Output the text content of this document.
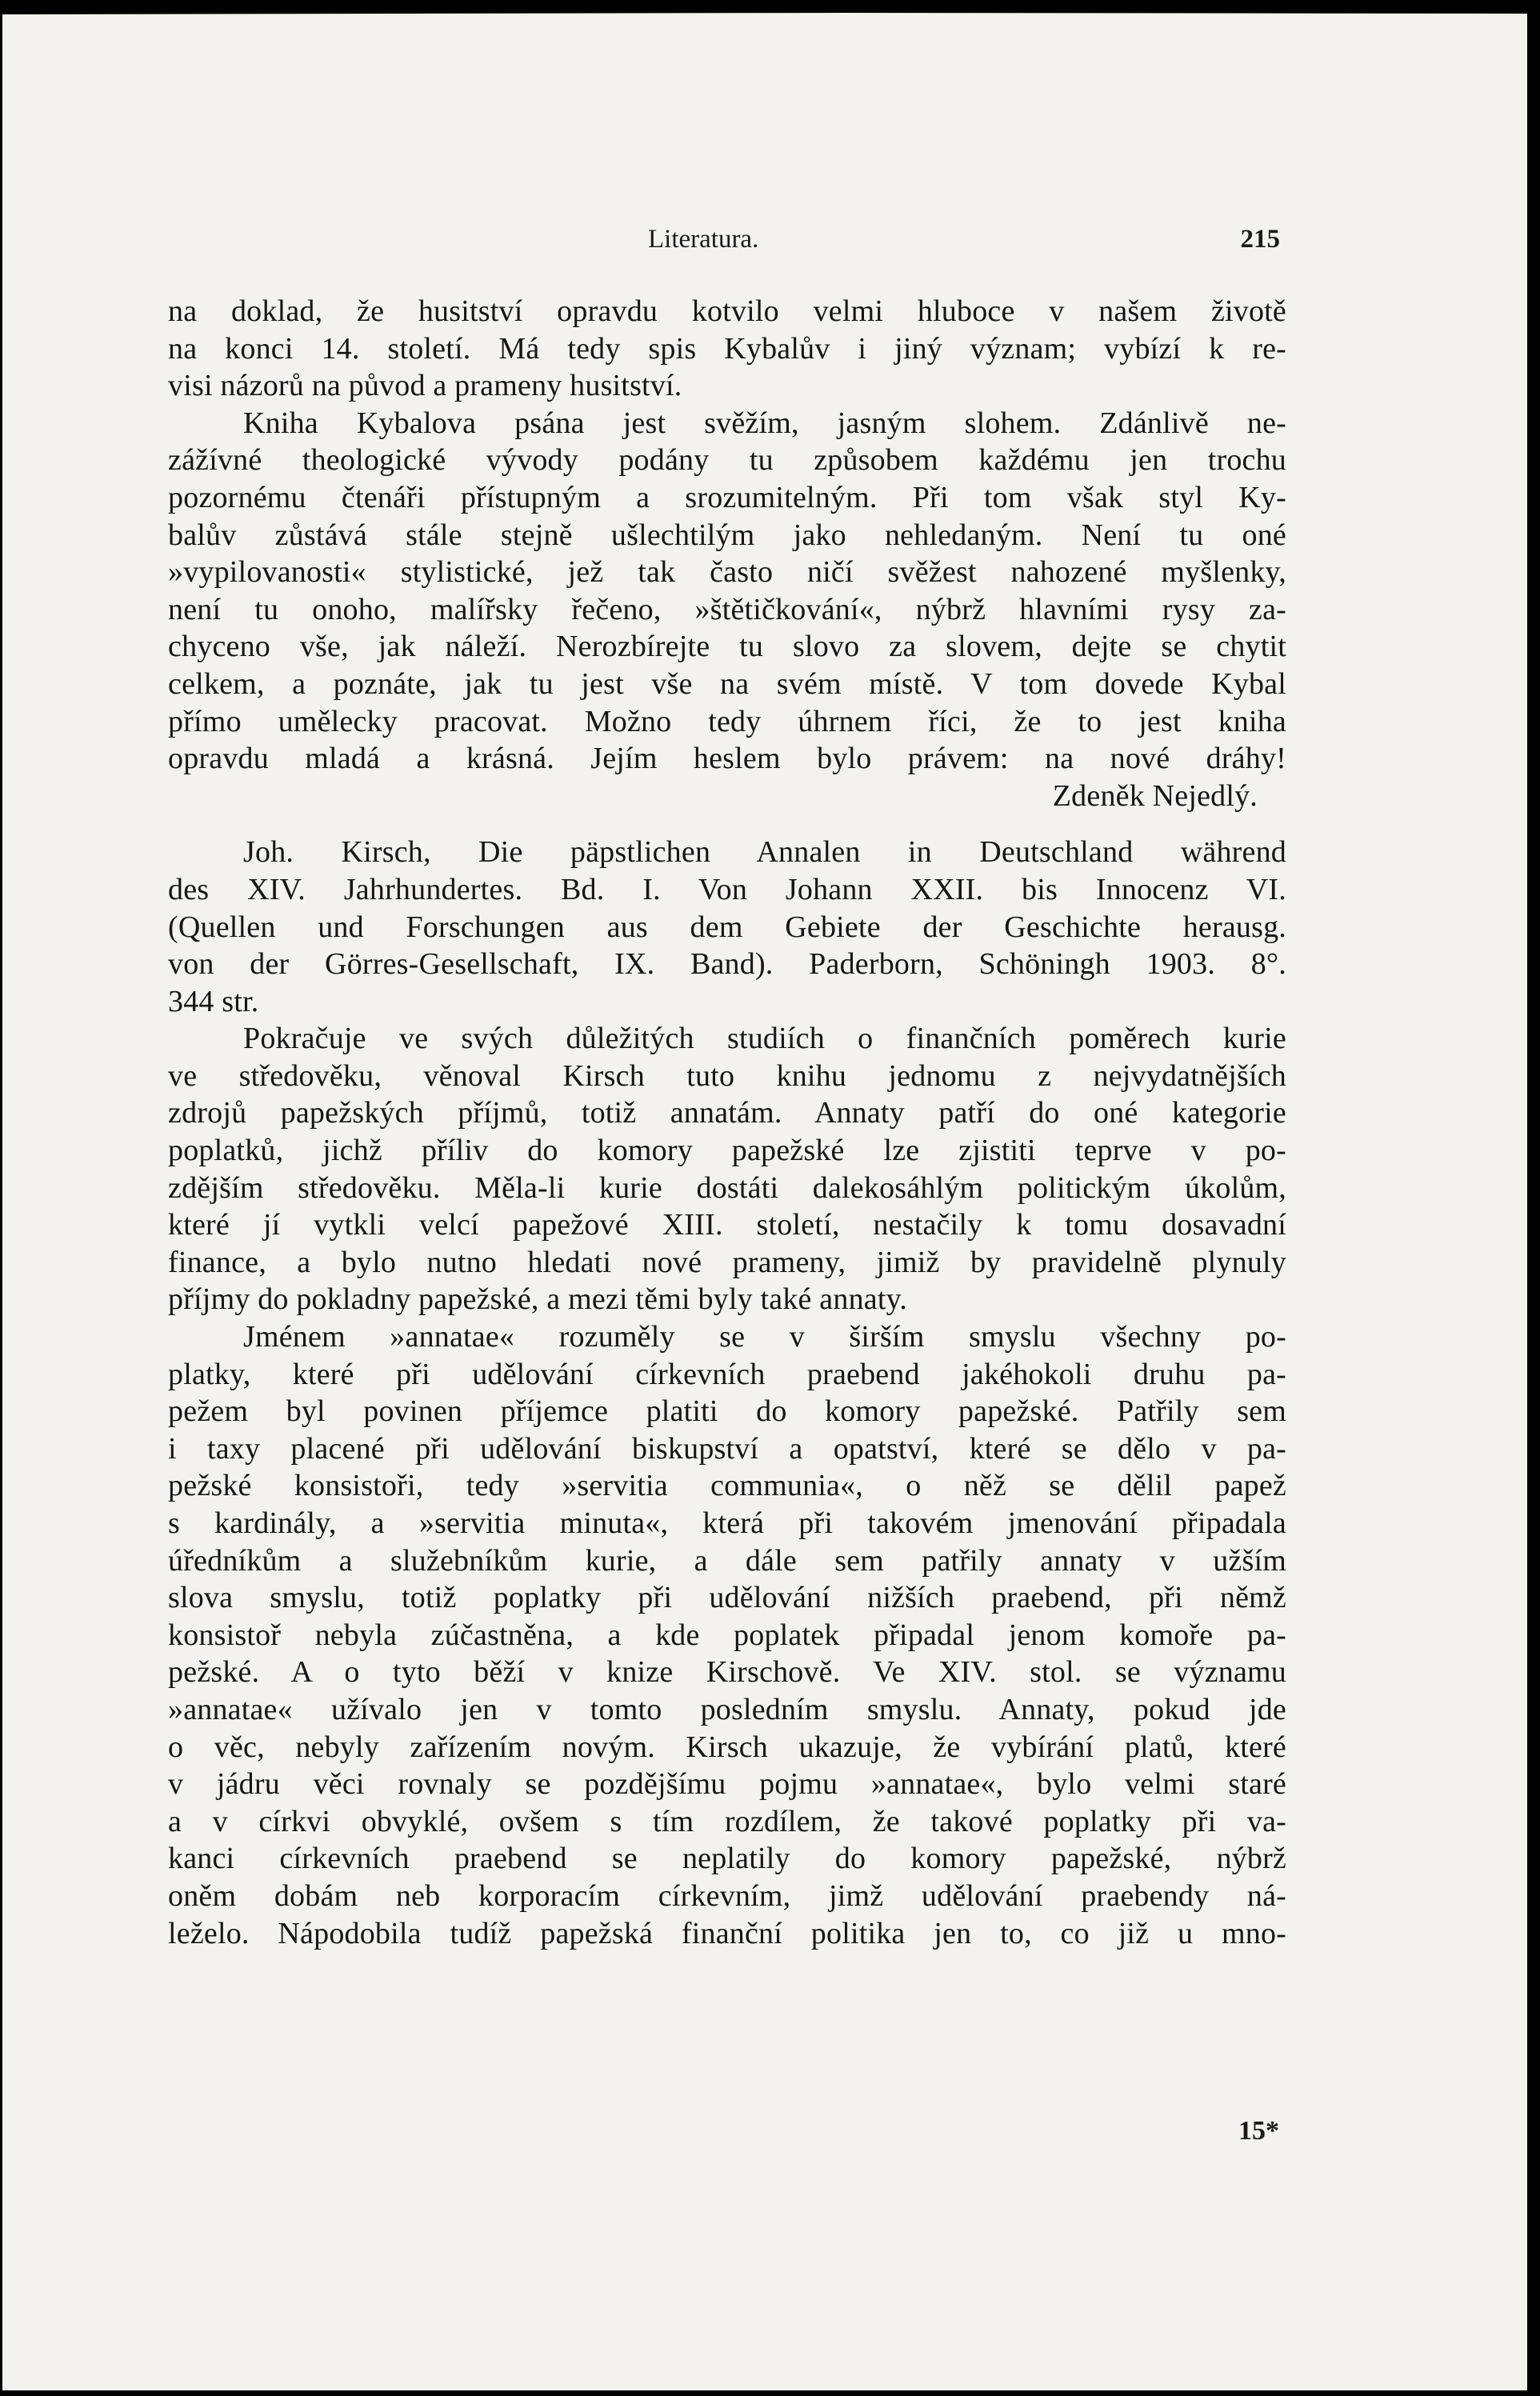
Literatura.	215
na doklad, že husitství opravdu kotvilo velmi hluboce v našem životě
na konci 14. století. Má tedy spis Kybalův i jiný význam; vybízí k re-
visi názorů na původ a prameny husitství.
Kniha Kybalova psána jest svěžím, jasným slohem. Zdánlivě ne-
zážívné theologické vývody podány tu způsobem každému jen trochu
pozornému čtenáři přístupným a srozumitelným. Při tom však styl Ky-
balův zůstává stále stejně ušlechtilým jako nehledaným. Není tu oné
»vypilovanosti« stylistické, jež tak často ničí svěžest nahozené myšlenky,
není tu onoho, malířsky řečeno, »štětičkování«, nýbrž hlavními rysy za-
chyceno vše, jak náleží. Nerozbírejte tu slovo za slovem, dejte se chytit
celkem, a poznáte, jak tu jest vše na svém místě. V tom dovede Kybal
přímo umělecky pracovat. Možno tedy úhrnem říci, že to jest kniha
opravdu mladá a krásná. Jejím heslem bylo právem: na nové dráhy!
Zdeněk Nejedlý.
Joh. Kirsch, Die päpstlichen Annalen in Deutschland während
des XIV. Jahrhundertes. Bd. I. Von Johann XXII. bis Innocenz VI.
(Quellen und Forschungen aus dem Gebiete der Geschichte herausg.
von der Görres-Gesellschaft, IX. Band). Paderborn, Schöningh 1903. 8°.
344 str.
Pokračuje ve svých důležitých studiích o finančních poměrech kurie
ve středověku, věnoval Kirsch tuto knihu jednomu z nejvydatnějších
zdrojů papežských příjmů, totiž annatám. Annaty patří do oné kategorie
poplatků, jichž příliv do komory papežské lze zjistiti teprve v po-
zdějším středověku. Měla-li kurie dostáti dalekosáhlým politickým úkolům,
které jí vytkli velcí papežové XIII. století, nestačily k tomu dosavadní
finance, a bylo nutno hledati nové prameny, jimiž by pravidelně plynuly
příjmy do pokladny papežské, a mezi těmi byly také annaty.
Jménem »annatae« rozuměly se v širším smyslu všechny po-
platky, které při udělování církevních praebend jakéhokoli druhu pa-
pežem byl povinen příjemce platiti do komory papežské. Patřily sem
i taxy placené při udělování biskupství a opatství, které se dělo v pa-
pežské konsistoři, tedy »servitia communia«, o něž se dělil papež
s kardinály, a »servitia minuta«, která při takovém jmenování připadala
úředníkům a služebníkům kurie, a dále sem patřily annaty v užším
slova smyslu, totiž poplatky při udělování nižších praebend, při němž
konsistoř nebyla zúčastněna, a kde poplatek připadal jenom komoře pa-
pežské. A o tyto běží v knize Kirschově. Ve XIV. stol. se významu
»annatae« užívalo jen v tomto posledním smyslu. Annaty, pokud jde
o věc, nebyly zařízením novým. Kirsch ukazuje, že vybírání platů, které
v jádru věci rovnaly se pozdějšímu pojmu »annatae«, bylo velmi staré
a v církvi obvyklé, ovšem s tím rozdílem, že takové poplatky při va-
kanci církevních praebend se neplatily do komory papežské, nýbrž
oněm dobám neb korporacím církevním, jimž udělování praebendy ná-
leželo. Nápodobila tudíž papežská finanční politika jen to, co již u mno-
15*
